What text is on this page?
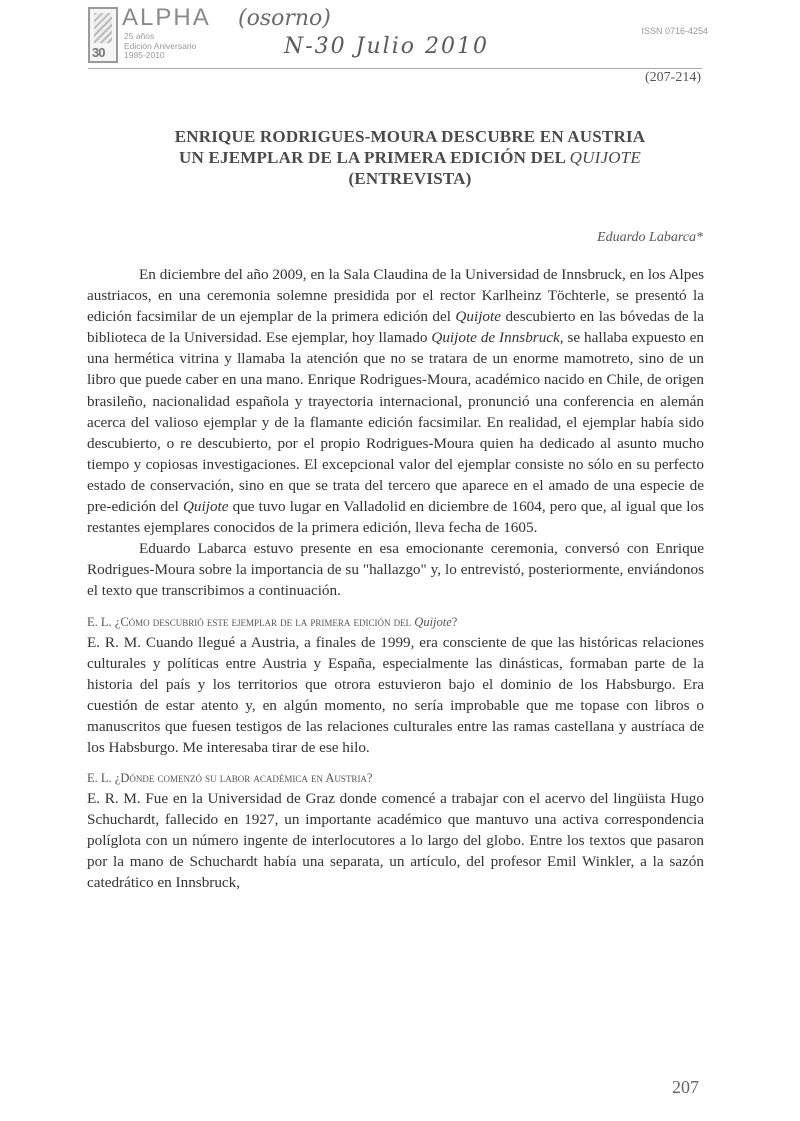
30
ALPHA
25 años
Edición Aniversario
1985-2010
(osorno)
N-30 Julio 2010
ISSN 0716-4254
(207-214)
ENRIQUE RODRIGUES-MOURA DESCUBRE EN AUSTRIA
UN EJEMPLAR DE LA PRIMERA EDICIÓN DEL QUIJOTE
(ENTREVISTA)
Eduardo Labarca*

En diciembre del año 2009, en la Sala Claudina de la Universidad de Innsbruck, en los Alpes austriacos, en una ceremonia solemne presidida por el rector Karlheinz Töchterle, se presentó la edición facsimilar de un ejemplar de la primera edición del Quijote descubierto en las bóvedas de la biblioteca de la Universidad. Ese ejemplar, hoy llamado Quijote de Innsbruck, se hallaba expuesto en una hermética vitrina y llamaba la atención que no se tratara de un enorme mamotreto, sino de un libro que puede caber en una mano. Enrique Rodrigues-Moura, académico nacido en Chile, de origen brasileño, nacionalidad española y trayectoria internacional, pronunció una conferencia en alemán acerca del valioso ejemplar y de la flamante edición facsimilar. En realidad, el ejemplar había sido descubierto, o re descubierto, por el propio Rodrigues-Moura quien ha dedicado al asunto mucho tiempo y copiosas investigaciones. El excepcional valor del ejemplar consiste no sólo en su perfecto estado de conservación, sino en que se trata del tercero que aparece en el amado de una especie de pre-edición del Quijote que tuvo lugar en Valladolid en diciembre de 1604, pero que, al igual que los restantes ejemplares conocidos de la primera edición, lleva fecha de 1605.

Eduardo Labarca estuvo presente en esa emocionante ceremonia, conversó con Enrique Rodrigues-Moura sobre la importancia de su "hallazgo" y, lo entrevistó, posteriormente, enviándonos el texto que transcribimos a continuación.

E. L. ¿Cómo descubrió este ejemplar de la primera edición del Quijote?

E. R. M. Cuando llegué a Austria, a finales de 1999, era consciente de que las históricas relaciones culturales y políticas entre Austria y España, especialmente las dinásticas, formaban parte de la historia del país y los territorios que otrora estuvieron bajo el dominio de los Habsburgo. Era cuestión de estar atento y, en algún momento, no sería improbable que me topase con libros o manuscritos que fuesen testigos de las relaciones culturales entre las ramas castellana y austríaca de los Habsburgo. Me interesaba tirar de ese hilo.

E. L. ¿Dónde comenzó su labor académica en Austria?

E. R. M. Fue en la Universidad de Graz donde comencé a trabajar con el acervo del lingüista Hugo Schuchardt, fallecido en 1927, un importante académico que mantuvo una activa correspondencia políglota con un número ingente de interlocutores a lo largo del globo. Entre los textos que pasaron por la mano de Schuchardt había una separata, un artículo, del profesor Emil Winkler, a la sazón catedrático en Innsbruck,

207
